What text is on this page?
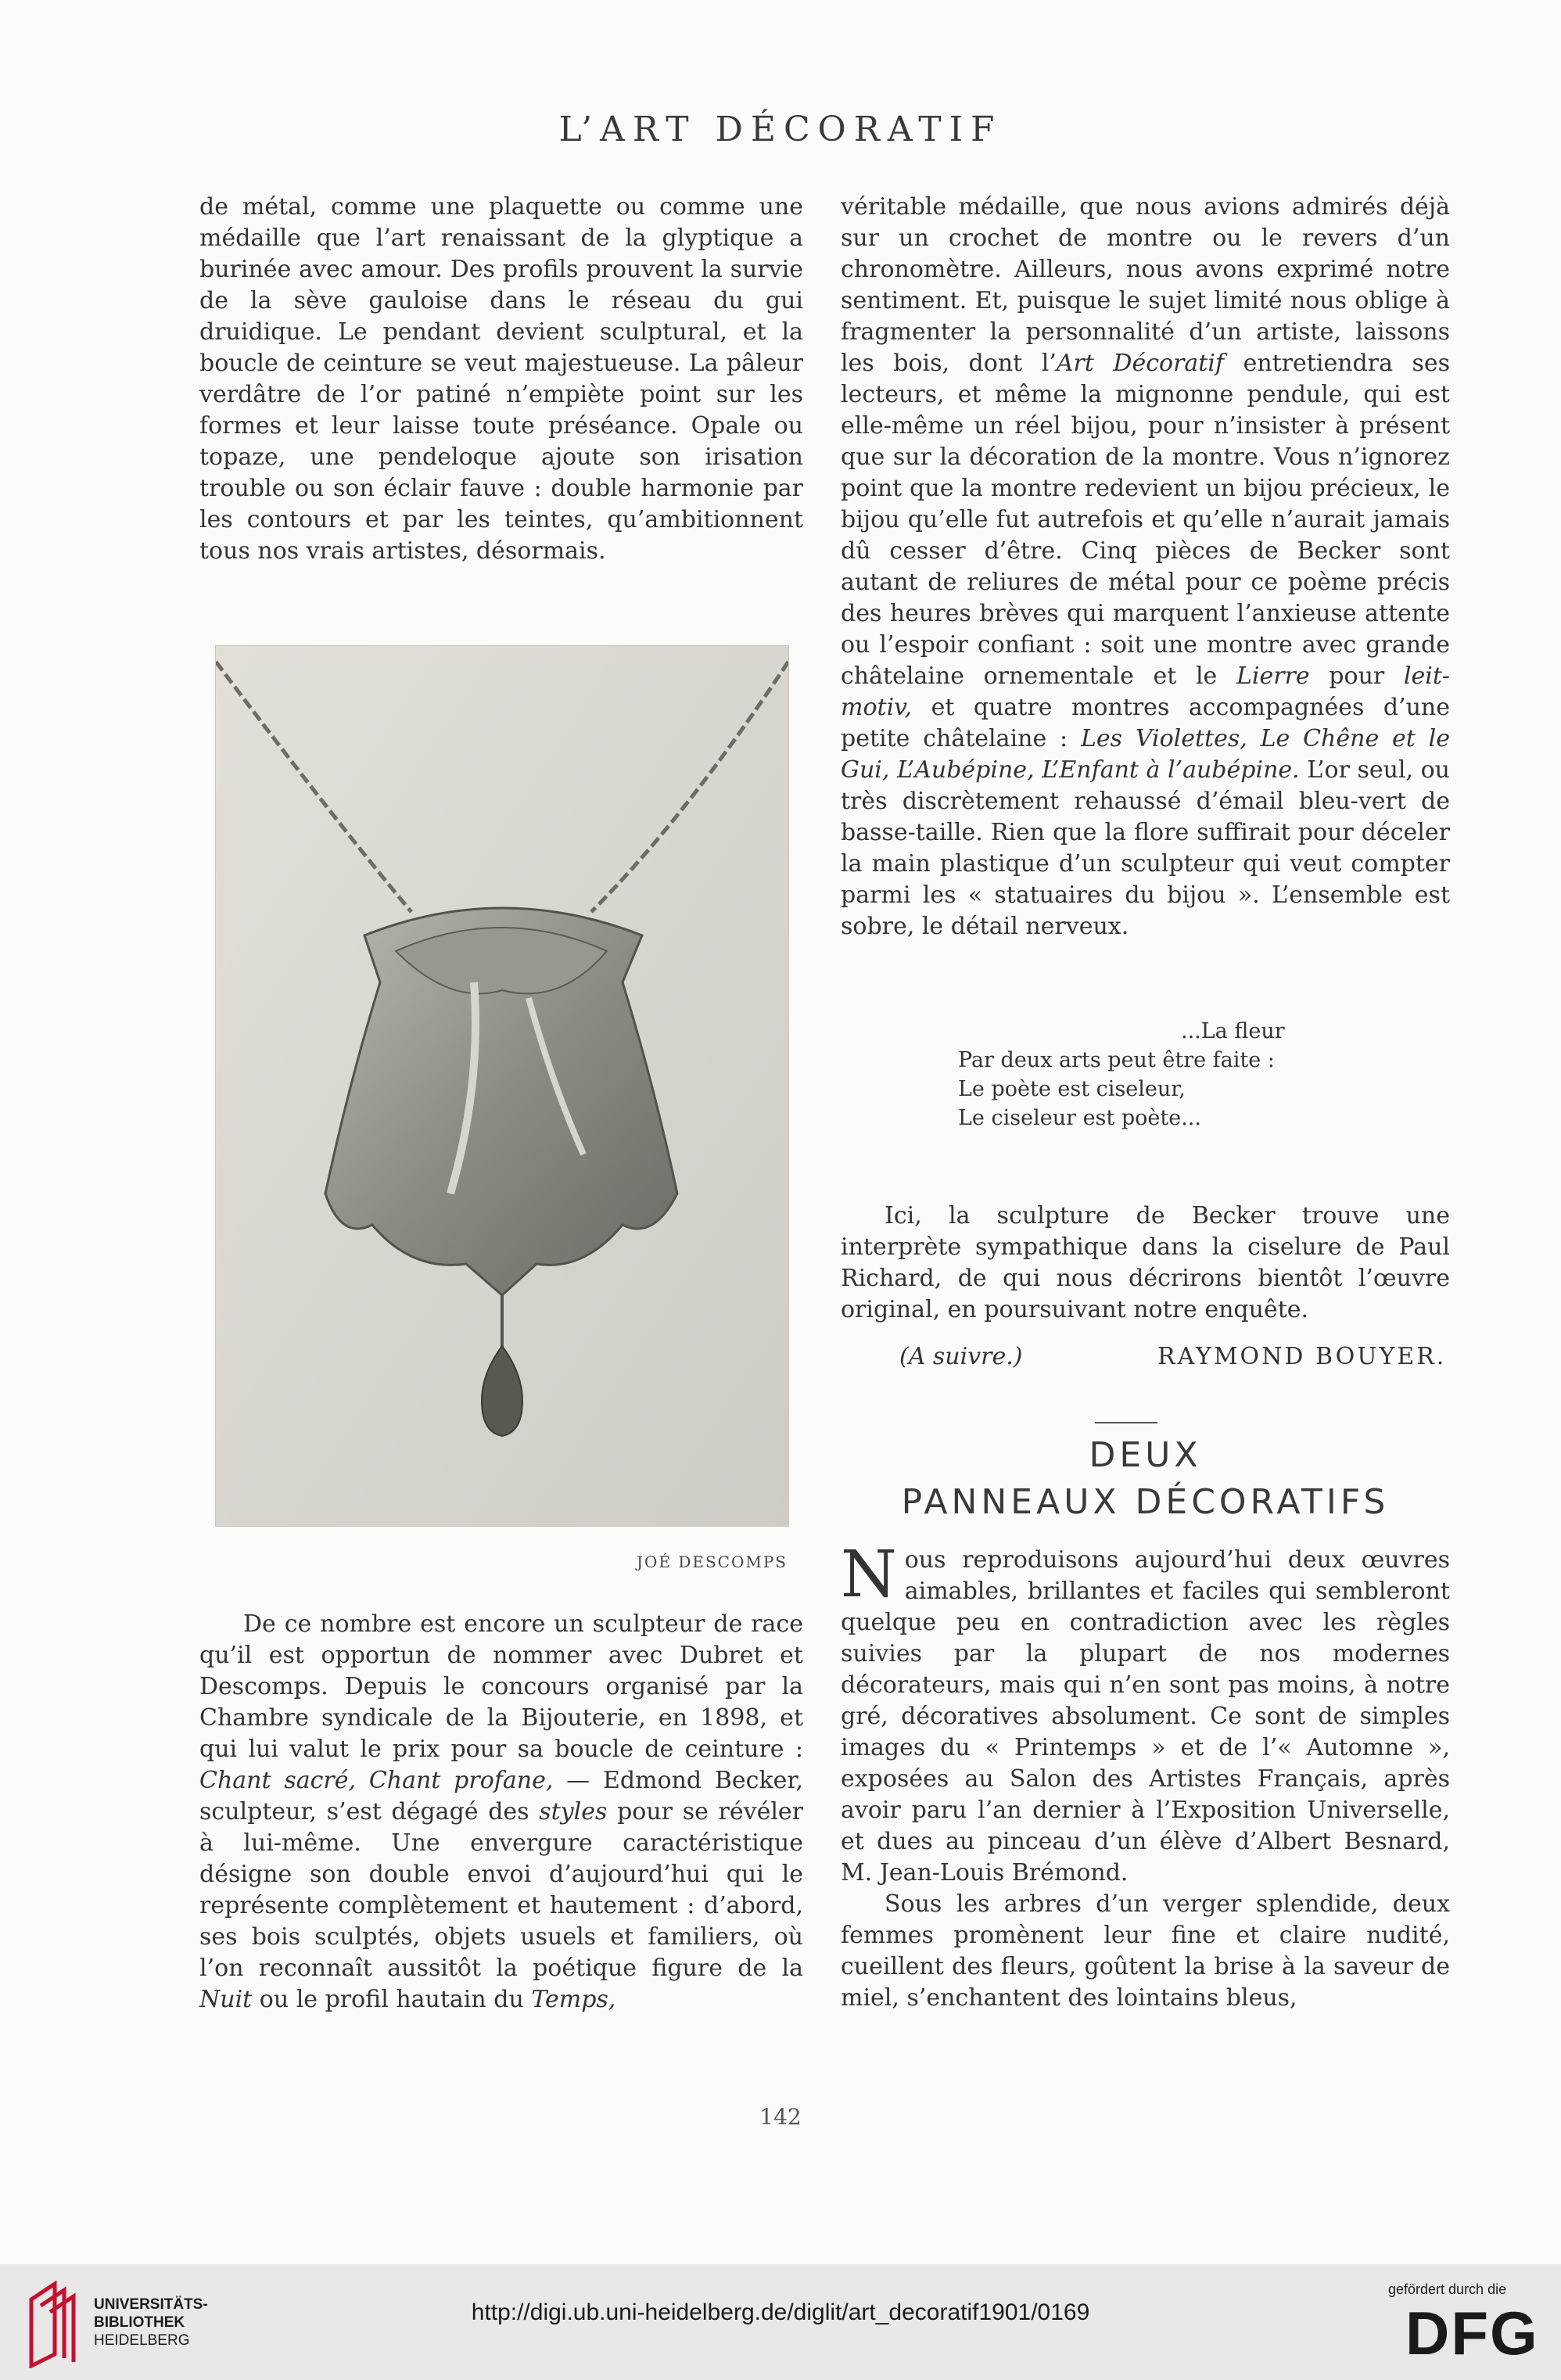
L’ART DÉCORATIF

de métal, comme une plaquette ou comme une médaille que l’art renaissant de la glyptique a burinée avec amour. Des profils prouvent la survie de la sève gauloise dans le réseau du gui druidique. Le pendant devient sculptural, et la boucle de ceinture se veut majestueuse. La pâleur verdâtre de l’or patiné n’empiète point sur les formes et leur laisse toute préséance. Opale ou topaze, une pendeloque ajoute son irisation trouble ou son éclair fauve : double harmonie par les contours et par les teintes, qu’ambitionnent tous nos vrais artistes, désormais.

JOÉ DESCOMPS

De ce nombre est encore un sculpteur de race qu’il est opportun de nommer avec Dubret et Descomps. Depuis le concours organisé par la Chambre syndicale de la Bijouterie, en 1898, et qui lui valut le prix pour sa boucle de ceinture : Chant sacré, Chant profane, — Edmond Becker, sculpteur, s’est dégagé des styles pour se révéler à lui-même. Une envergure caractéristique désigne son double envoi d’aujourd’hui qui le représente complètement et hautement : d’abord, ses bois sculptés, objets usuels et familiers, où l’on reconnaît aussitôt la poétique figure de la Nuit ou le profil hautain du Temps,

véritable médaille, que nous avions admirés déjà sur un crochet de montre ou le revers d’un chronomètre. Ailleurs, nous avons exprimé notre sentiment. Et, puisque le sujet limité nous oblige à fragmenter la personnalité d’un artiste, laissons les bois, dont l’Art Décoratif entretiendra ses lecteurs, et même la mignonne pendule, qui est elle-même un réel bijou, pour n’insister à présent que sur la décoration de la montre. Vous n’ignorez point que la montre redevient un bijou précieux, le bijou qu’elle fut autrefois et qu’elle n’aurait jamais dû cesser d’être. Cinq pièces de Becker sont autant de reliures de métal pour ce poème précis des heures brèves qui marquent l’anxieuse attente ou l’espoir confiant : soit une montre avec grande châtelaine ornementale et le Lierre pour leit-motiv, et quatre montres accompagnées d’une petite châtelaine : Les Violettes, Le Chêne et le Gui, L’Aubépine, L’Enfant à l’aubépine. L’or seul, ou très discrètement rehaussé d’émail bleu-vert de basse-taille. Rien que la flore suffirait pour déceler la main plastique d’un sculpteur qui veut compter parmi les « statuaires du bijou ». L’ensemble est sobre, le détail nerveux.

...La fleur
Par deux arts peut être faite :
Le poète est ciseleur,
Le ciseleur est poète...

Ici, la sculpture de Becker trouve une interprète sympathique dans la ciselure de Paul Richard, de qui nous décrirons bientôt l’œuvre original, en poursuivant notre enquête.

(A suivre.)	RAYMOND BOUYER.
DEUX
PANNEAUX DÉCORATIFS

Nous reproduisons aujourd’hui deux œuvres aimables, brillantes et faciles qui sembleront quelque peu en contradiction avec les règles suivies par la plupart de nos modernes décorateurs, mais qui n’en sont pas moins, à notre gré, décoratives absolument. Ce sont de simples images du « Printemps » et de l’« Automne », exposées au Salon des Artistes Français, après avoir paru l’an dernier à l’Exposition Universelle, et dues au pinceau d’un élève d’Albert Besnard, M. Jean-Louis Brémond.

Sous les arbres d’un verger splendide, deux femmes promènent leur fine et claire nudité, cueillent des fleurs, goûtent la brise à la saveur de miel, s’enchantent des lointains bleus,

142
UNIVERSITÄTS-
BIBLIOTHEK
HEIDELBERG
http://digi.ub.uni-heidelberg.de/diglit/art_decoratif1901/0169
gefördert durch die
DFG
